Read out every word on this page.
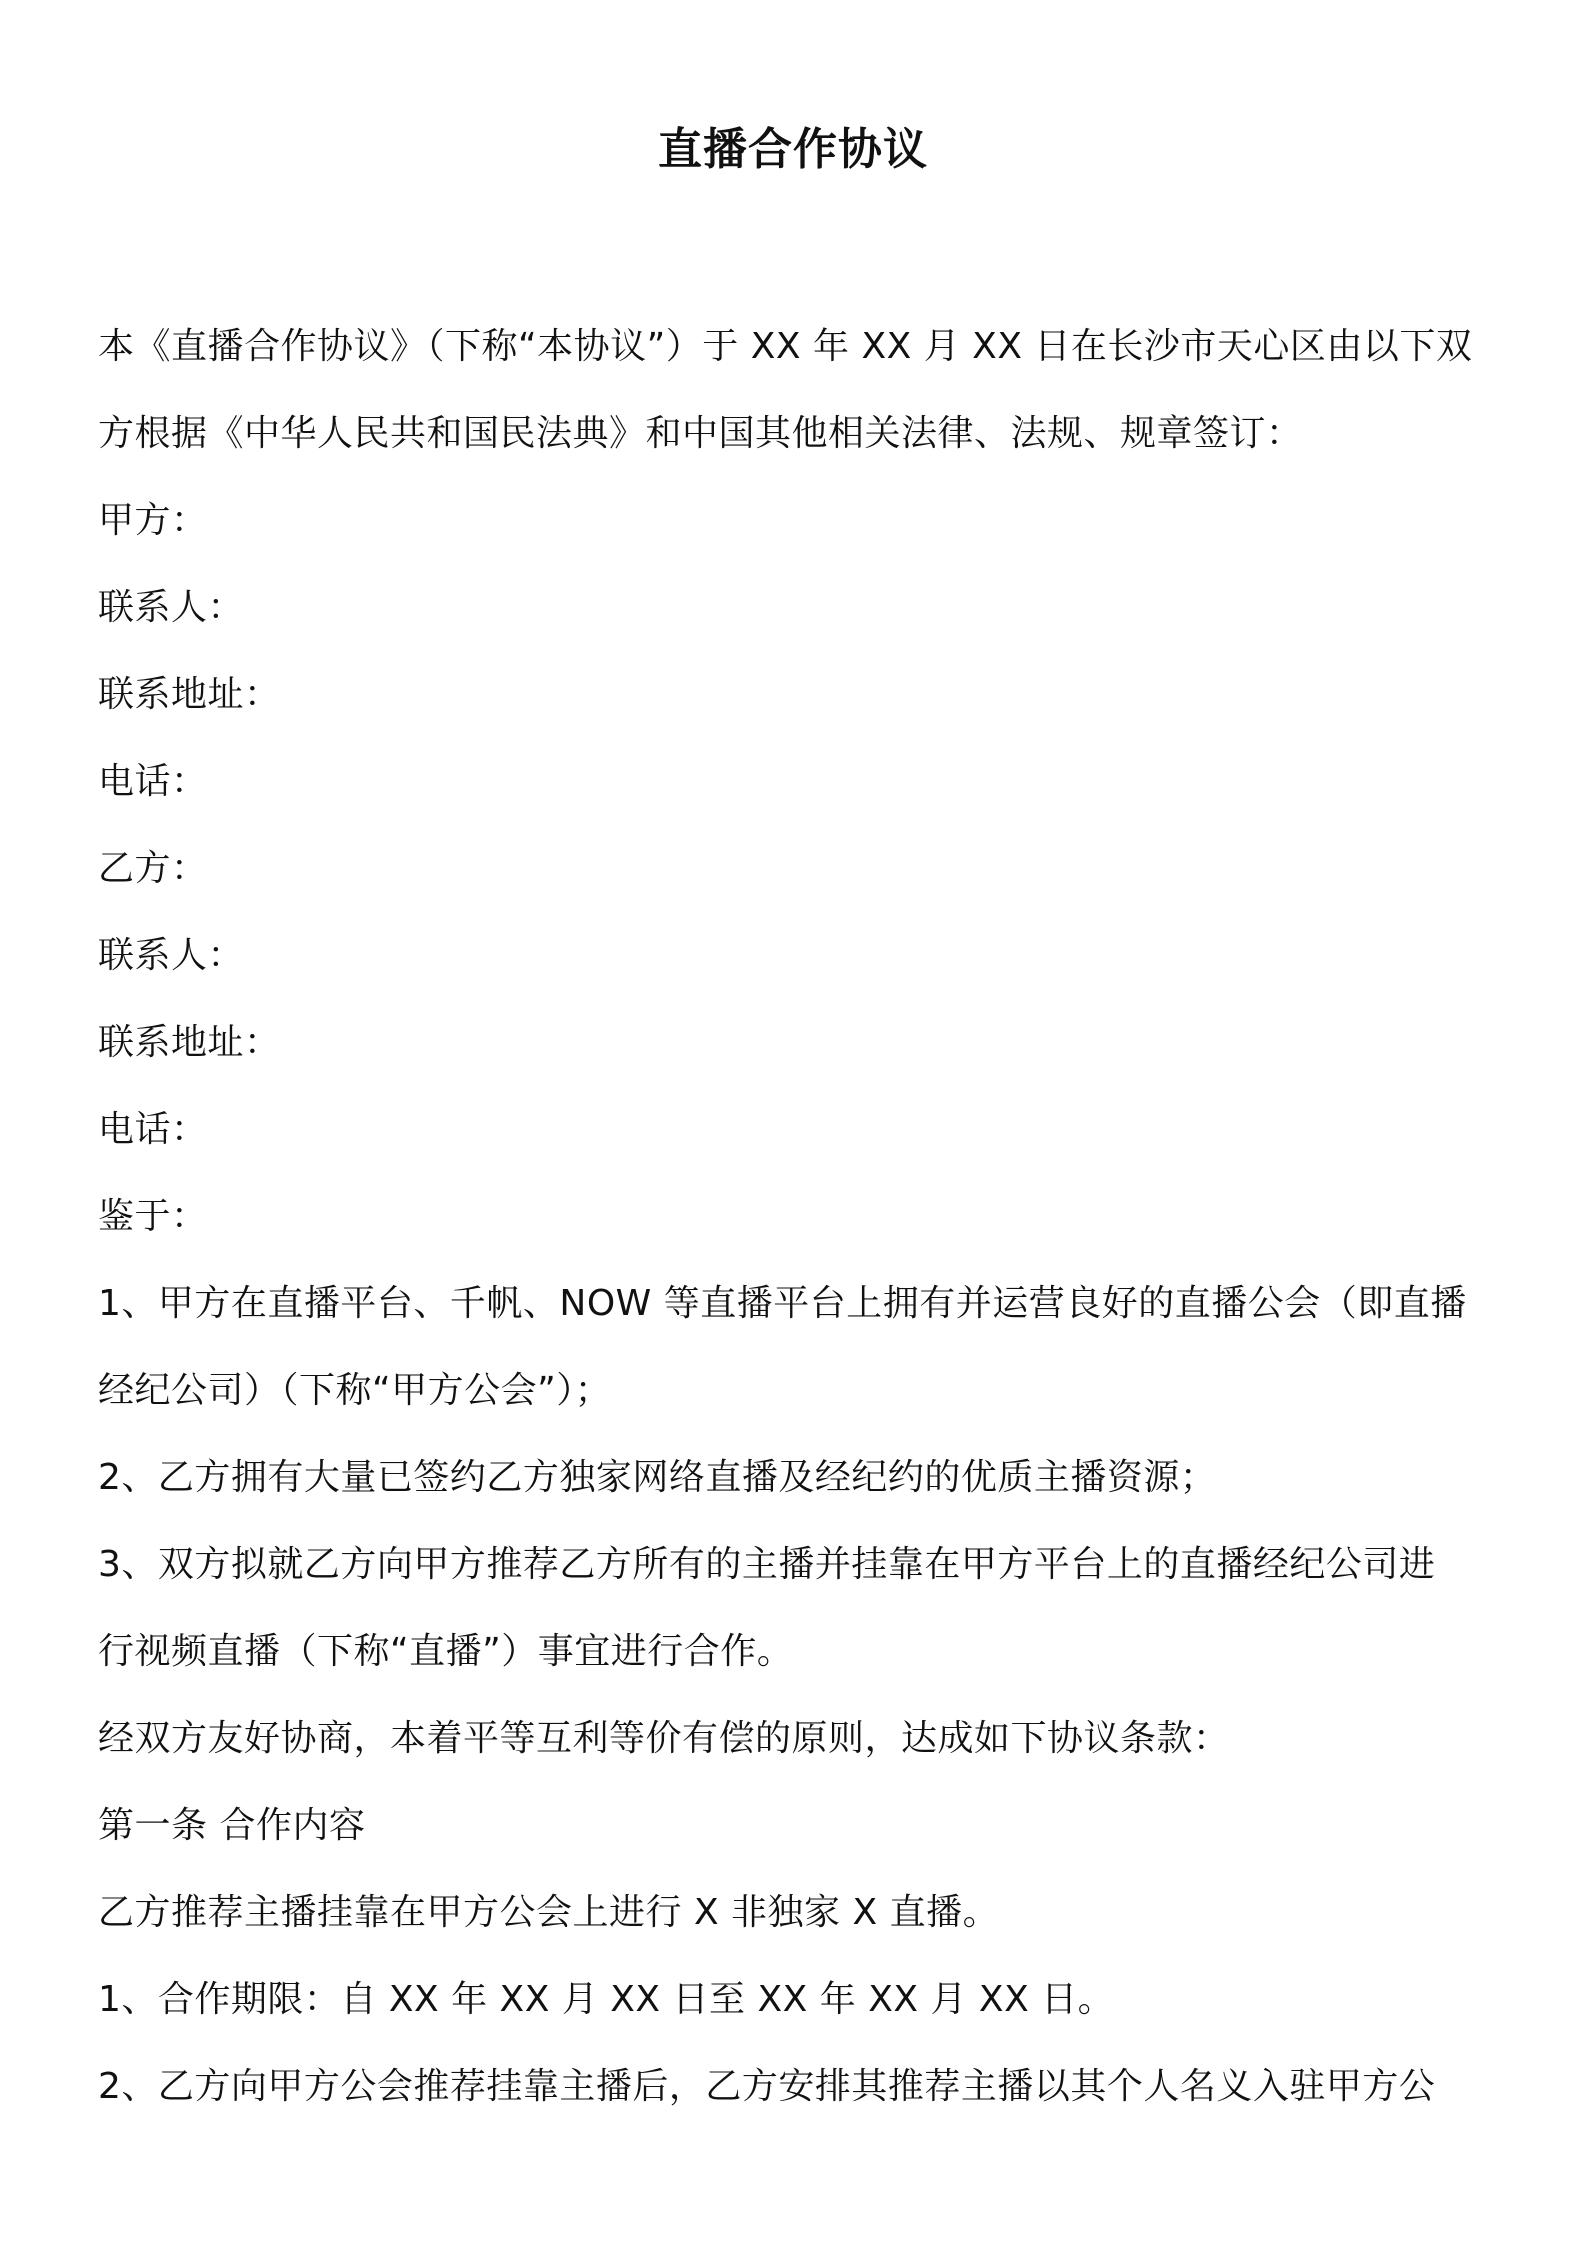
直播合作协议
本《直播合作协议》（下称“本协议”）于 XX 年 XX 月 XX 日在长沙市天心区由以下双
方根据《中华人民共和国民法典》和中国其他相关法律、法规、规章签订：
甲方：
联系人：
联系地址：
电话：
乙方：
联系人：
联系地址：
电话：
鉴于：
1、甲方在直播平台、千帆、NOW 等直播平台上拥有并运营良好的直播公会（即直播
经纪公司）（下称“甲方公会”）；
2、乙方拥有大量已签约乙方独家网络直播及经纪约的优质主播资源；
3、双方拟就乙方向甲方推荐乙方所有的主播并挂靠在甲方平台上的直播经纪公司进
行视频直播（下称“直播”）事宜进行合作。
经双方友好协商，本着平等互利等价有偿的原则，达成如下协议条款：
第一条 合作内容
乙方推荐主播挂靠在甲方公会上进行 X 非独家 X 直播。
1、合作期限：自 XX 年 XX 月 XX 日至 XX 年 XX 月 XX 日。
2、乙方向甲方公会推荐挂靠主播后，乙方安排其推荐主播以其个人名义入驻甲方公
